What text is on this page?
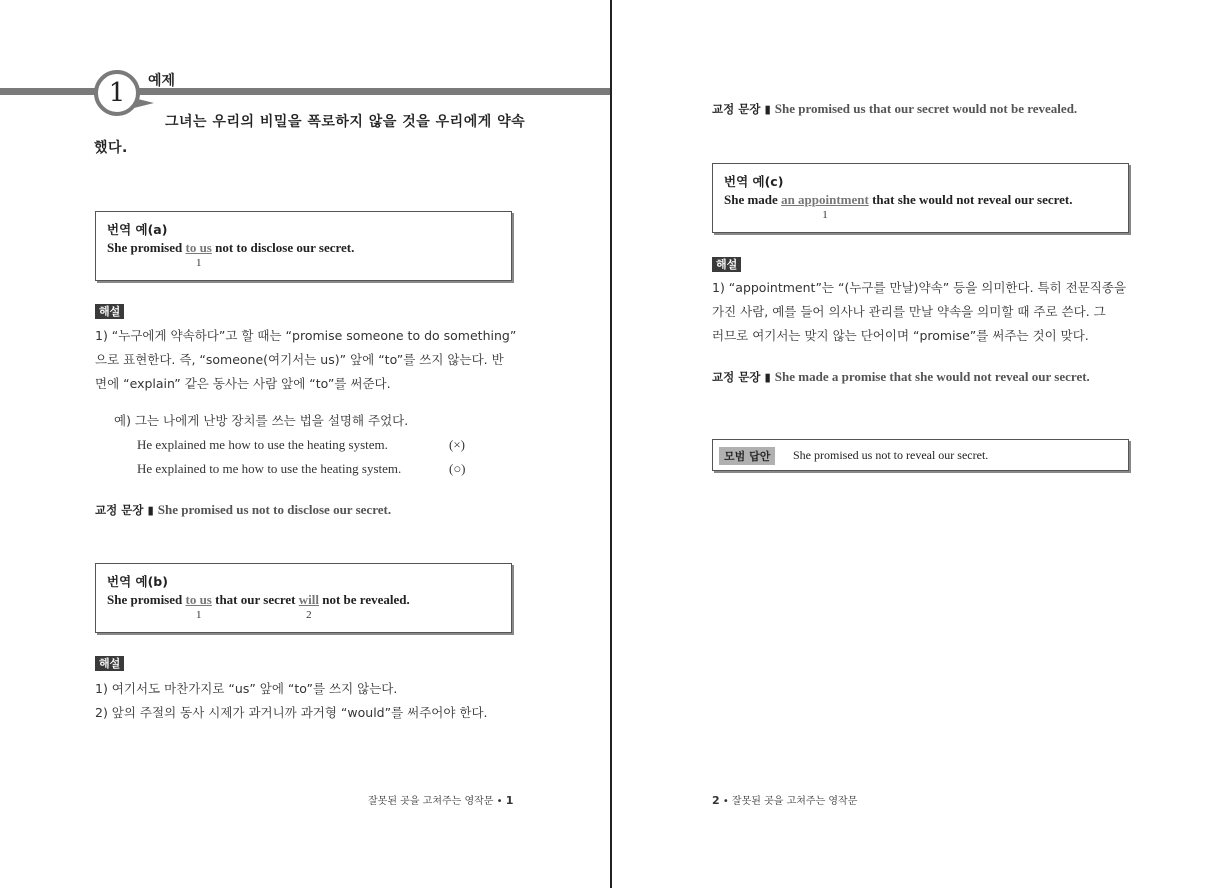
1	예제
그녀는 우리의 비밀을 폭로하지 않을 것을 우리에게 약속
했다.
번역 예(a)
She promised to us
1
not to disclose our secret.
해설
1) “누구에게 약속하다”고 할 때는 “promise someone to do something”
으로 표현한다. 즉, “someone(여기서는 us)” 앞에 “to”를 쓰지 않는다. 반
면에 “explain” 같은 동사는 사람 앞에 “to”를 써준다.
예) 그는 나에게 난방 장치를 쓰는 법을 설명해 주었다.
He explained me how to use the heating system.	(×)
He explained to me how to use the heating system.	(○)
교정 문장 ▮ She promised us not to disclose our secret.
번역 예(b)
She promised to us
1
that our secret will
2
not be revealed.
해설
1) 여기서도 마찬가지로 “us” 앞에 “to”를 쓰지 않는다.
2) 앞의 주절의 동사 시제가 과거니까 과거형 “would”를 써주어야 한다.
잘못된 곳을 고쳐주는 영작문 • 1
교정 문장 ▮ She promised us that our secret would not be revealed.
번역 예(c)
She made an appointment
1
that she would not reveal our secret.
해설
1) “appointment”는 “(누구를 만날)약속” 등을 의미한다. 특히 전문직종을
가진 사람, 예를 들어 의사나 관리를 만날 약속을 의미할 때 주로 쓴다. 그
러므로 여기서는 맞지 않는 단어이며 “promise”를 써주는 것이 맞다.
교정 문장 ▮ She made a promise that she would not reveal our secret.
모범 답안	She promised us not to reveal our secret.
2 • 잘못된 곳을 고쳐주는 영작문
